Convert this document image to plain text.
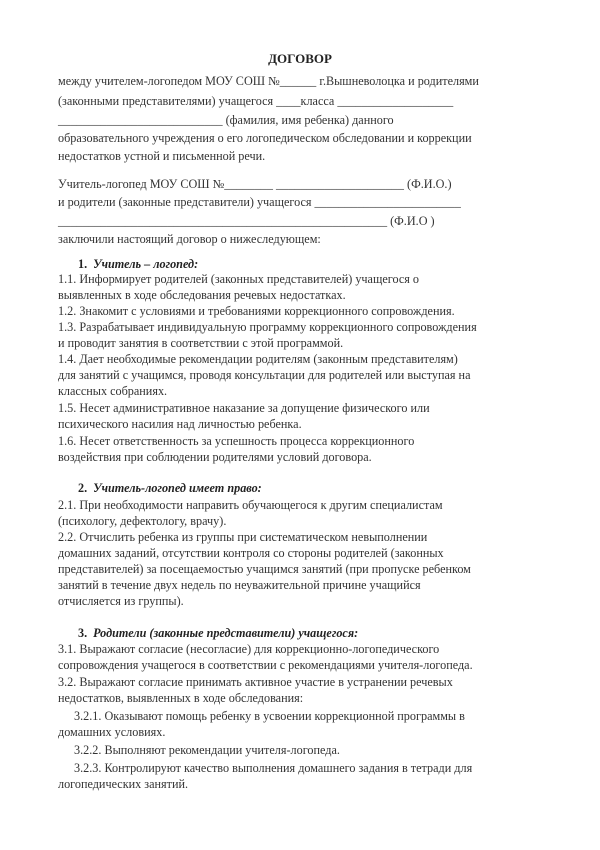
ДОГОВОР

между учителем-логопедом МОУ СОШ №______ г.Вышневолоцка и родителями

(законными представителями) учащегося ____класса ___________________

___________________________ (фамилия, имя ребенка) данного

образовательного учреждения о его логопедическом обследовании и коррекции

недостатков устной и письменной речи.

Учитель-логопед МОУ СОШ №________ _____________________ (Ф.И.О.)

и родители (законные представители) учащегося ________________________

______________________________________________________ (Ф.И.О )

заключили настоящий договор о нижеследующем:

1. Учитель – логопед:

1.1. Информирует родителей (законных представителей) учащегося о

выявленных в ходе обследования речевых недостатках.

1.2. Знакомит с условиями и требованиями коррекционного сопровождения.

1.3. Разрабатывает индивидуальную программу коррекционного сопровождения

и проводит занятия в соответствии с этой программой.

1.4. Дает необходимые рекомендации родителям (законным представителям)

для занятий с учащимся, проводя консультации для родителей или выступая на

классных собраниях.

1.5. Несет административное наказание за допущение физического или

психического насилия над личностью ребенка.

1.6. Несет ответственность за успешность процесса коррекционного

воздействия при соблюдении родителями условий договора.

2. Учитель-логопед имеет право:

2.1. При необходимости направить обучающегося к другим специалистам

(психологу, дефектологу, врачу).

2.2. Отчислить ребенка из группы при систематическом невыполнении

домашних заданий, отсутствии контроля со стороны родителей (законных

представителей) за посещаемостью учащимся занятий (при пропуске ребенком

занятий в течение двух недель по неуважительной причине учащийся

отчисляется из группы).

3. Родители (законные представители) учащегося:

3.1. Выражают согласие (несогласие) для коррекционно-логопедического

сопровождения учащегося в соответствии с рекомендациями учителя-логопеда.

3.2. Выражают согласие принимать активное участие в устранении речевых

недостатков, выявленных в ходе обследования:

3.2.1. Оказывают помощь ребенку в усвоении коррекционной программы в

домашних условиях.

3.2.2. Выполняют рекомендации учителя-логопеда.

3.2.3. Контролируют качество выполнения домашнего задания в тетради для

логопедических занятий.
